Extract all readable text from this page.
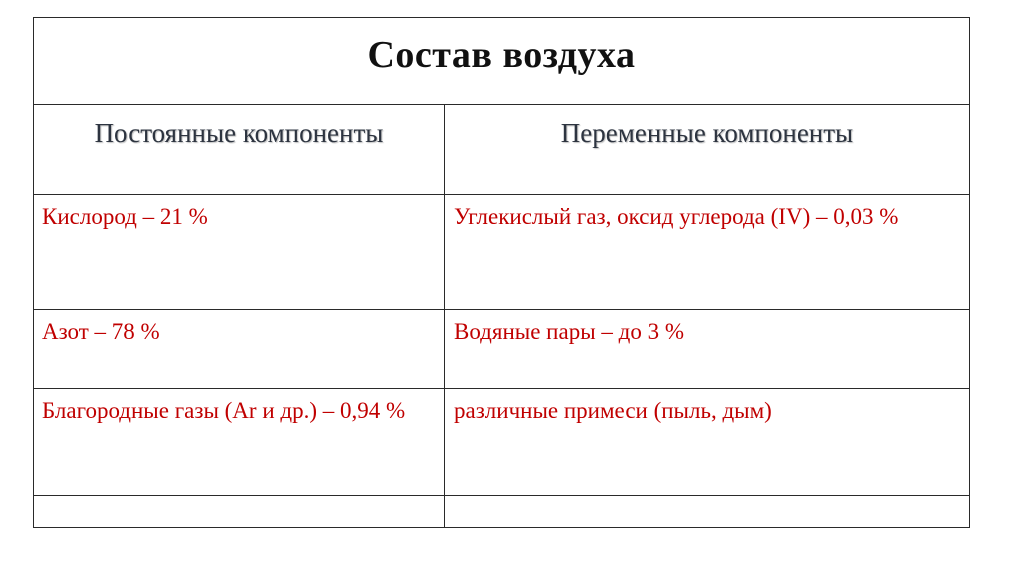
Состав воздуха	

Постоянные компоненты	Переменные компоненты

Кислород – 21 %	Углекислый газ, оксид углерода (IV) – 0,03 %

Азот – 78 %	Водяные пары – до 3 %

Благородные газы (Ar и др.) – 0,94 %	различные примеси (пыль, дым)
